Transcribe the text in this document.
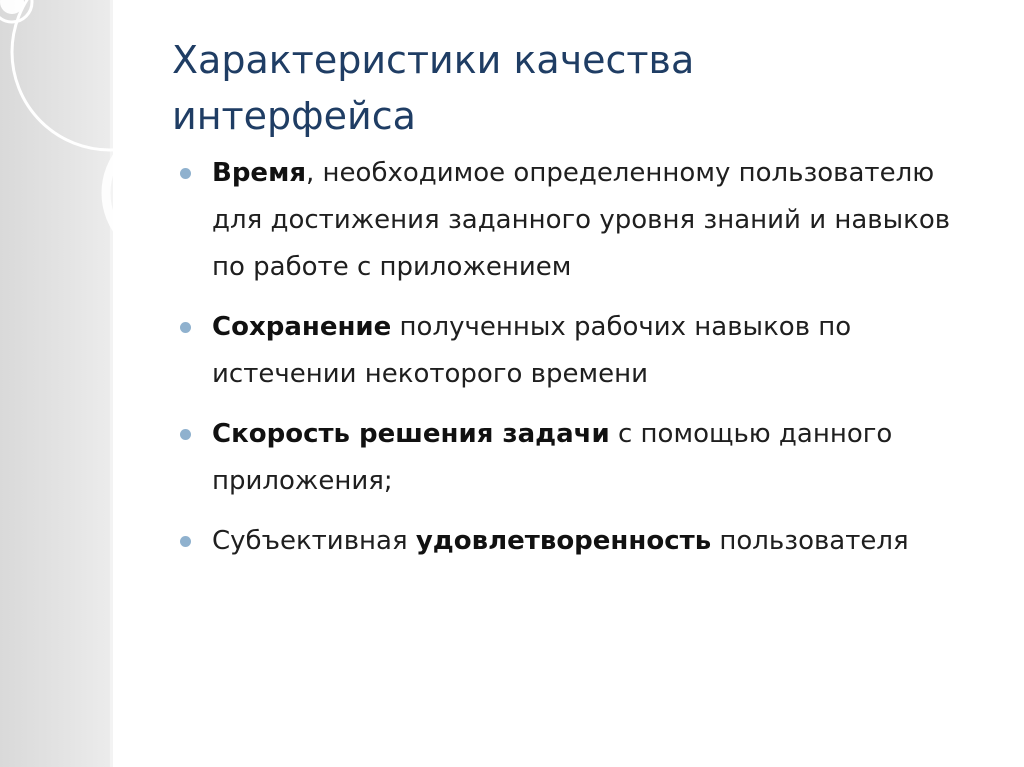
Характеристики качества интерфейса
Время, необходимое определенному пользователю для достижения заданного уровня знаний и навыков по работе с приложением
Сохранение полученных рабочих навыков по истечении некоторого времени
Скорость решения задачи с помощью данного приложения;
Субъективная удовлетворенность пользователя
